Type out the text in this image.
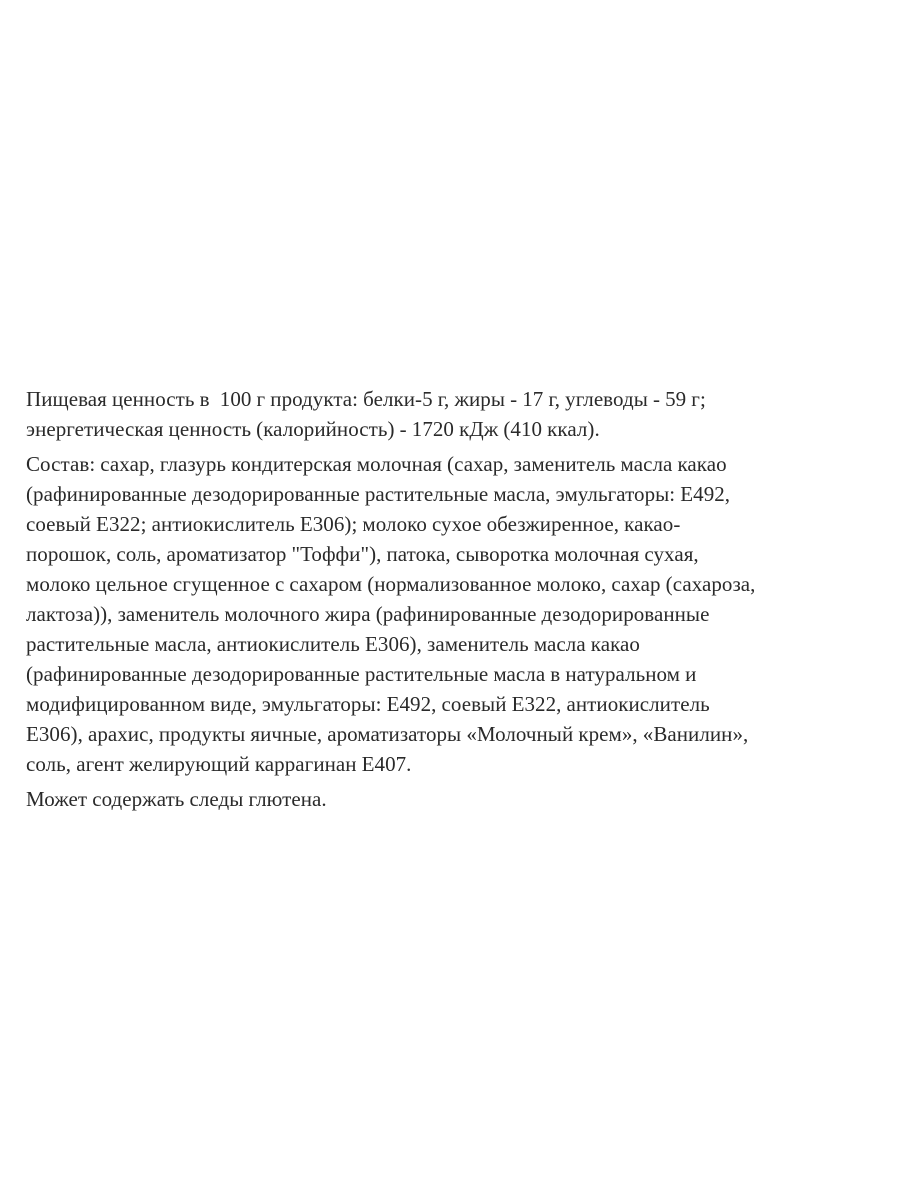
Пищевая ценность в  100 г продукта: белки-5 г, жиры - 17 г, углеводы - 59 г;
энергетическая ценность (калорийность) - 1720 кДж (410 ккал).

Состав: сахар, глазурь кондитерская молочная (сахар, заменитель масла какао
(рафинированные дезодорированные растительные масла, эмульгаторы: Е492,
соевый Е322; антиокислитель Е306); молоко сухое обезжиренное, какао-
порошок, соль, ароматизатор "Тоффи"), патока, сыворотка молочная сухая,
молоко цельное сгущенное с сахаром (нормализованное молоко, сахар (сахароза,
лактоза)), заменитель молочного жира (рафинированные дезодорированные
растительные масла, антиокислитель Е306), заменитель масла какао
(рафинированные дезодорированные растительные масла в натуральном и
модифицированном виде, эмульгаторы: Е492, соевый Е322, антиокислитель
Е306), арахис, продукты яичные, ароматизаторы «Молочный крем», «Ванилин»,
соль, агент желирующий каррагинан Е407.

Может содержать следы глютена.
